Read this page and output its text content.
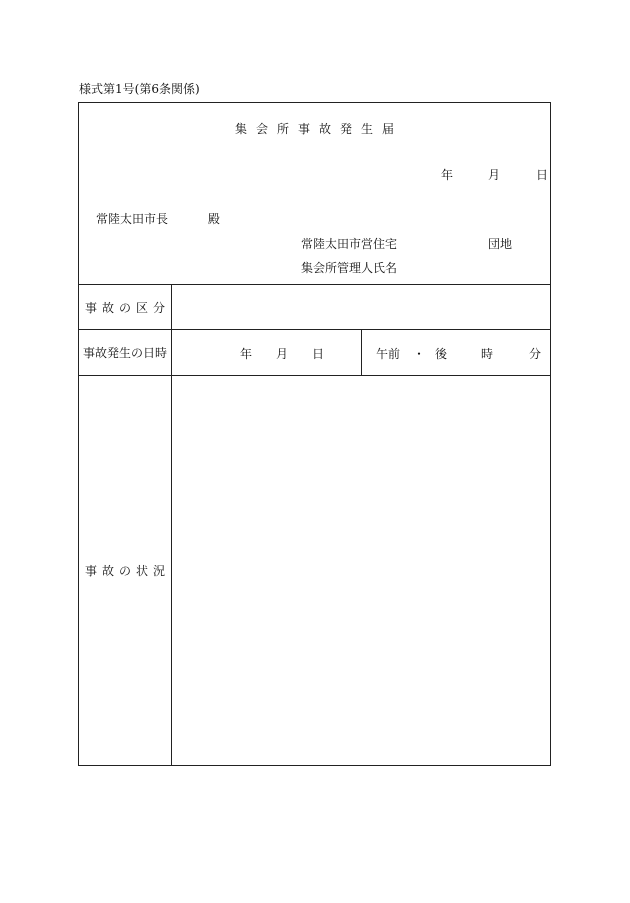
様式第1号(第6条関係)
集会所事故発生届
年	月	日
常陸太田市長	殿
常陸太田市営住宅	団地
集会所管理人氏名
事故の区分
事故発生の日時	年 月 日	午前 ・ 後	時	分
事故の状況
